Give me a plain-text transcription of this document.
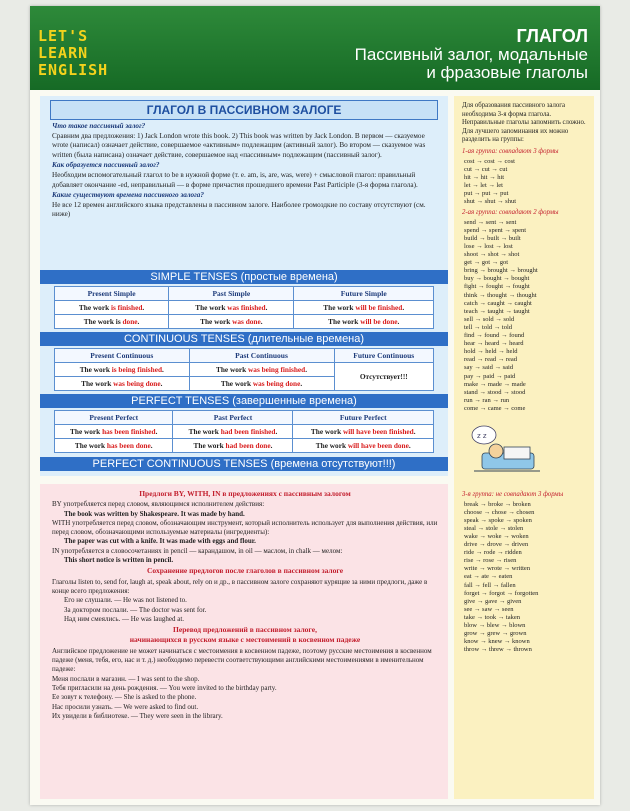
LET'S
LEARN
ENGLISH
ГЛАГОЛ
Пассивный залог, модальные
и фразовые глаголы
ГЛАГОЛ В ПАССИВНОМ ЗАЛОГЕ
Что такое пассивный залог?
Сравним два предложения: 1) Jack London wrote this book. 2) This book was written by Jack London. В первом — сказуемое wrote (написал) означает действие, совершаемое «активным» подлежащим (активный залог). Во втором — сказуемое was written (была написана) означает действие, совершаемое над «пассивным» подлежащим (пассивный залог).
Как образуется пассивный залог?
Необходим вспомогательный глагол to be в нужной форме (т. е. am, is, are, was, were) + смысловой глагол: правильный добавляет окончание -ed, неправильный — в форме причастия прошедшего времени Past Participle (3-я форма глагола).
Какие существуют времена пассивного залога?
Не все 12 времен английского языка представлены в пассивном залоге. Наиболее громоздкие по составу отсутствуют (см. ниже)
SIMPLE TENSES (простые времена)
Present Simple	Past Simple	Future Simple
The work is finished.	The work was finished.	The work will be finished.
The work is done.	The work was done.	The work will be done.
CONTINUOUS TENSES (длительные времена)
Present Continuous	Past Continuous	Future Continuous
The work is being finished.	The work was being finished.	Отсутствует!!!
The work was being done.	The work was being done.	
PERFECT TENSES (завершенные времена)
Present Perfect	Past Perfect	Future Perfect
The work has been finished.	The work had been finished.	The work will have been finished.
The work has been done.	The work had been done.	The work will have been done.
PERFECT CONTINUOUS TENSES (времена отсутствуют!!!)
Предлоги BY, WITH, IN в предложениях с пассивным залогом
BY употребляется перед словом, являющимся исполнителем действия:
The book was written by Shakespeare. It was made by hand.
WITH употребляется перед словом, обозначающим инструмент, который исполнитель использует для выполнения действия, или перед словом, обозначающими используемые материалы (ингредиенты):
The paper was cut with a knife. It was made with eggs and flour.
IN употребляется в словосочетаниях in pencil — карандашом, in oil — маслом, in chalk — мелом:
This short notice is written in pencil.
Сохранение предлогов после глаголов в пассивном залоге
Глаголы listen to, send for, laugh at, speak about, rely on и др., в пассивном залоге сохраняют курящие за ними предлоги, даже в конце всего предложения:
Его не слушали. — He was not listened to.
За доктором послали. — The doctor was sent for.
Над ним смеялись. — He was laughed at.
Перевод предложений в пассивном залоге,
начинающихся в русском языке с местоимений в косвенном падеже
Английское предложение не может начинаться с местоимения в косвенном падеже, поэтому русские местоимения в косвенном падеже (меня, тебя, его, нас и т. д.) необходимо перевести соответствующими английскими местоимениями в именительном падеже:
Меня послали в магазин. — I was sent to the shop.
Тебя пригласили на день рождения. — You were invited to the birthday party.
Ее зовут к телефону. — She is asked to the phone.
Нас просили узнать. — We were asked to find out.
Их увидели в библиотеке. — They were seen in the library.
Для образования пассивного залога необходима 3-я форма глагола. Неправильные глаголы запомнить сложно. Для лучшего запоминания их можно разделить на группы:
1-ая группа: совпадают 3 формы
cost → cost → cost
cut → cut → cut
hit → hit → hit
let → let → let
put → put → put
shut → shut → shut
2-ая группа: совпадают 2 формы
send → sent → sent
spend → spent → spent
build → built → built
lose → lost → lost
shoot → shot → shot
get → got → got
bring → brought → brought
buy → bought → bought
fight → fought → fought
think → thought → thought
catch → caught → caught
teach → taught → taught
sell → sold → sold
tell → told → told
find → found → found
hear → heard → heard
hold → held → held
read → read → read
say → said → said
pay → paid → paid
make → made → made
stand → stood → stood
run → ran → run
come → came → come
z z
3-я группа: не совпадают 3 формы
break → broke → broken
choose → chose → chosen
speak → spoke → spoken
steal → stole → stolen
wake → woke → woken
drive → drove → driven
ride → rode → ridden
rise → rose → risen
write → wrote → written
eat → ate → eaten
fall → fell → fallen
forget → forgot → forgotten
give → gave → given
see → saw → seen
take → took → taken
blow → blew → blown
grow → grew → grown
know → knew → known
throw → threw → thrown
